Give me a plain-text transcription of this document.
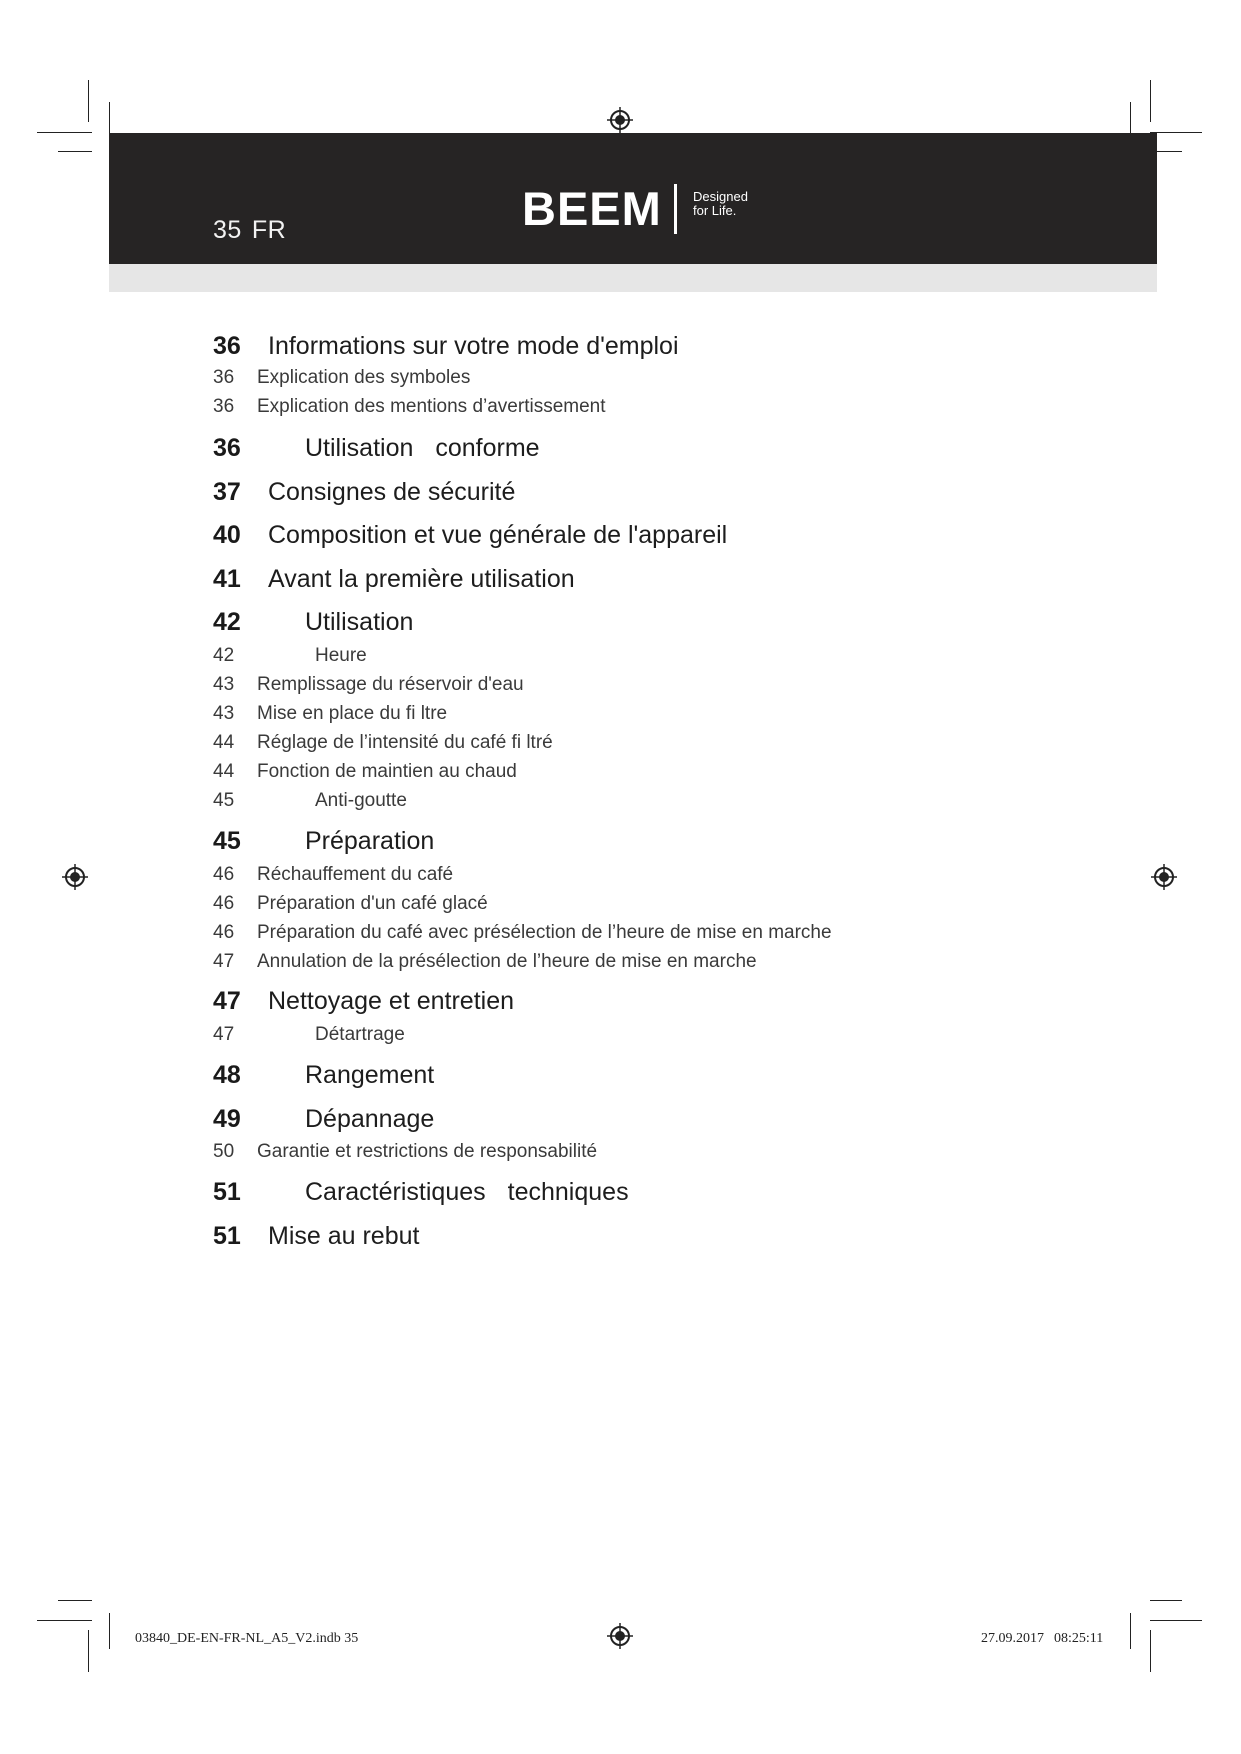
35 FR	BEEM Designed
for Life.
36 Informations sur votre mode d'emploi
36 Explication des symboles
36 Explication des mentions d’avertissement
36	Utilisation conforme
37 Consignes de sécurité
40 Composition et vue générale de l'appareil
41 Avant la première utilisation
42	Utilisation
42	Heure
43 Remplissage du réservoir d'eau
43 Mise en place du fi ltre
44 Réglage de l’intensité du café fi ltré
44 Fonction de maintien au chaud
45	Anti-goutte
45	Préparation
46 Réchauffement du café
46 Préparation d'un café glacé
46 Préparation du café avec présélection de l’heure de mise en marche
47 Annulation de la présélection de l’heure de mise en marche
47 Nettoyage et entretien
47	Détartrage
48	Rangement
49	Dépannage
50 Garantie et restrictions de responsabilité
51	Caractéristiques techniques
51 Mise au rebut
03840_DE-EN-FR-NL_A5_V2.indb 35	27.09.2017 08:25:11
